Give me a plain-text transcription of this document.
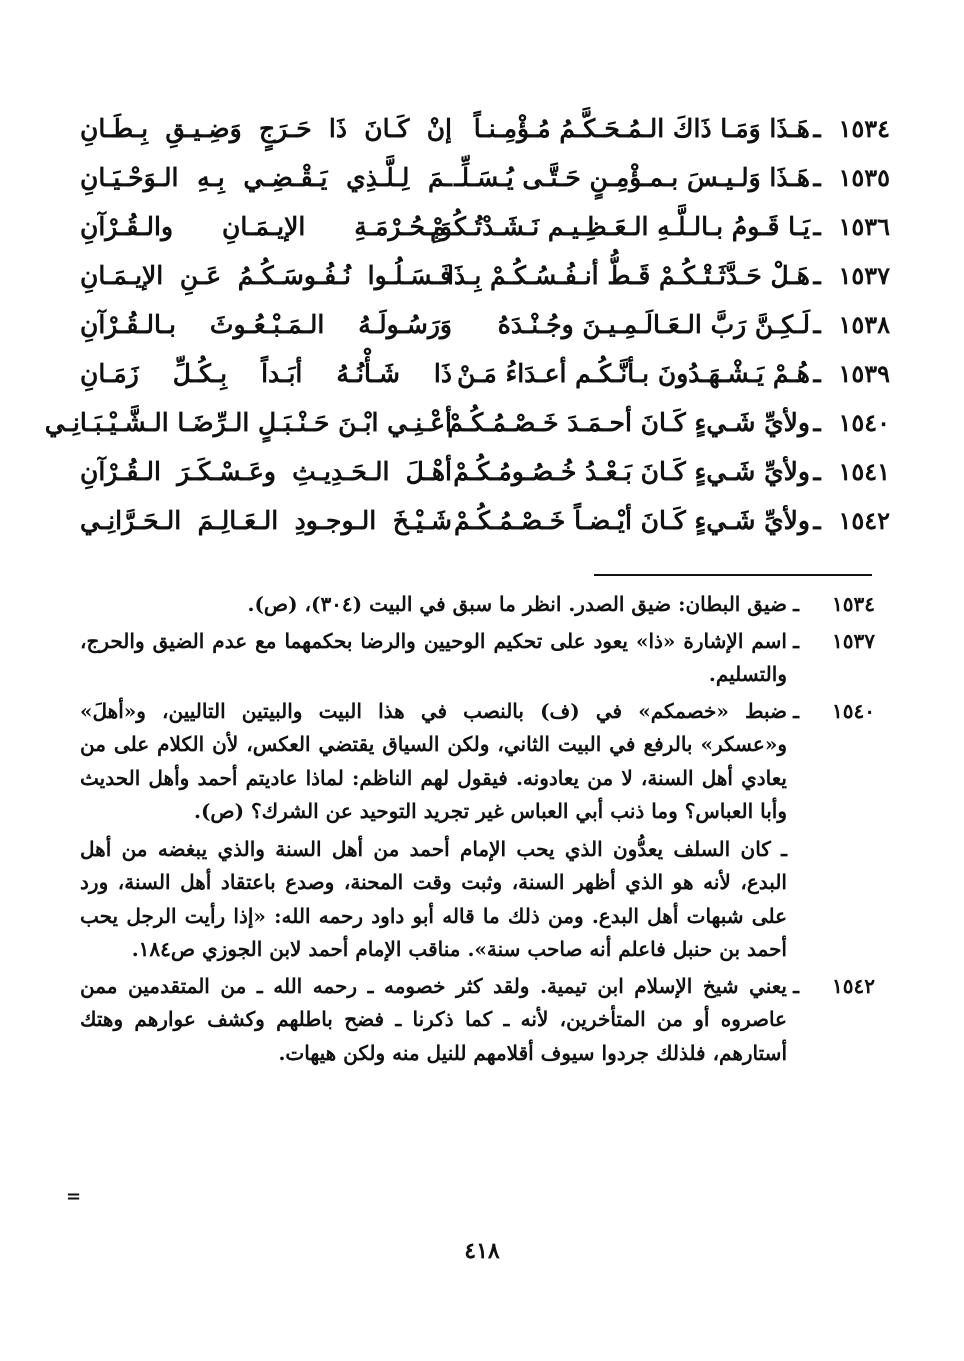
١٥٣٤
ـ
هَـذَا وَمَـا ذَاكَ الـمُـحَـكَّـمُ مُـؤْمِـنـاً
إنْ كَـانَ ذَا حَـرَجٍ وَضِـيـقِ بِـطَـانِ
١٥٣٥
ـ
هَـذَا وَلـيـسَ بـمـؤْمِـنٍ حَـتَّـى يُـسَـلِّـ
ـمَ لِـلَّـذِي يَـقْـضِـي بِـهِ الـوَحْـيَـانِ
١٥٣٦
ـ
يَـا قَـومُ بـالـلَّـهِ الـعَـظِـيـم نَـشَـدْتُـكُـمْ
وَبِـحُـرْمَـةِ الإيـمَـانِ والـقُـرْآنِ
١٥٣٧
ـ
هَـلْ حَـدَّثَـتْـكُـمْ قَـطُّ أنـفُـسُـكُـمْ بِـذَا
فَـسَـلُـوا نُـفُـوسَـكُـمُ عَـنِ الإيـمَـانِ
١٥٣٨
ـ
لَـكِـنَّ رَبَّ الـعَـالَـمِـيـنَ وجُـنْـدَهُ
وَرَسُـولَـهُ الـمَـبْـعُـوثَ بـالـقُـرْآنِ
١٥٣٩
ـ
هُـمْ يَـشْـهَـدُونَ بـأنَّـكُـم أعـدَاءُ مَـنْ
ذَا شَـأْنُـهُ أبَـداً بِـكُـلِّ زَمَـانِ
١٥٤٠
ـ
ولأيِّ شَـيءٍ كَـانَ أحـمَـدَ خَـصْـمُـكُـمْ
أعْـنِـي ابْـنَ حَـنْـبَـلٍ الـرِّضَـا الـشَّـيْـبَـانِـي
١٥٤١
ـ
ولأيِّ شَـيءٍ كَـانَ بَـعْـدُ خُـصُـومُـكُـمْ
أهْـلَ الـحَـدِيـثِ وعَـسْـكَـرَ الـقُـرْآنِ
١٥٤٢
ـ
ولأيِّ شَـيءٍ كَـانَ أيْـضـاً خَـصْـمُـكُـمْ
شَـيْـخَ الـوجـودِ الـعَـالِـمَ الـحَـرَّانِـي
١٥٣٤
ـ

ضيق البطان: ضيق الصدر. انظر ما سبق في البيت (٣٠٤)، (ص).

١٥٣٧
ـ

اسم الإشارة «ذا» يعود على تحكيم الوحيين والرضا بحكمهما مع عدم الضيق والحرج، والتسليم.

١٥٤٠
ـ

ضبط «خصمكم» في (ف) بالنصب في هذا البيت والبيتين التاليين، و«أهلَ» و«عسكر» بالرفع في البيت الثاني، ولكن السياق يقتضي العكس، لأن الكلام على من يعادي أهل السنة، لا من يعادونه. فيقول لهم الناظم: لماذا عاديتم أحمد وأهل الحديث وأبا العباس؟ وما ذنب أبي العباس غير تجريد التوحيد عن الشرك؟ (ص).

ـ كان السلف يعدُّون الذي يحب الإمام أحمد من أهل السنة والذي يبغضه من أهل البدع، لأنه هو الذي أظهر السنة، وثبت وقت المحنة، وصدع باعتقاد أهل السنة، ورد على شبهات أهل البدع. ومن ذلك ما قاله أبو داود رحمه الله: «إذا رأيت الرجل يحب أحمد بن حنبل فاعلم أنه صاحب سنة». مناقب الإمام أحمد لابن الجوزي ص١٨٤.

١٥٤٢
ـ

يعني شيخ الإسلام ابن تيمية. ولقد كثر خصومه ـ رحمه الله ـ من المتقدمين ممن عاصروه أو من المتأخرين، لأنه ـ كما ذكرنا ـ فضح باطلهم وكشف عوارهم وهتك أستارهم، فلذلك جردوا سيوف أقلامهم للنيل منه ولكن هيهات.

=
٤١٨
